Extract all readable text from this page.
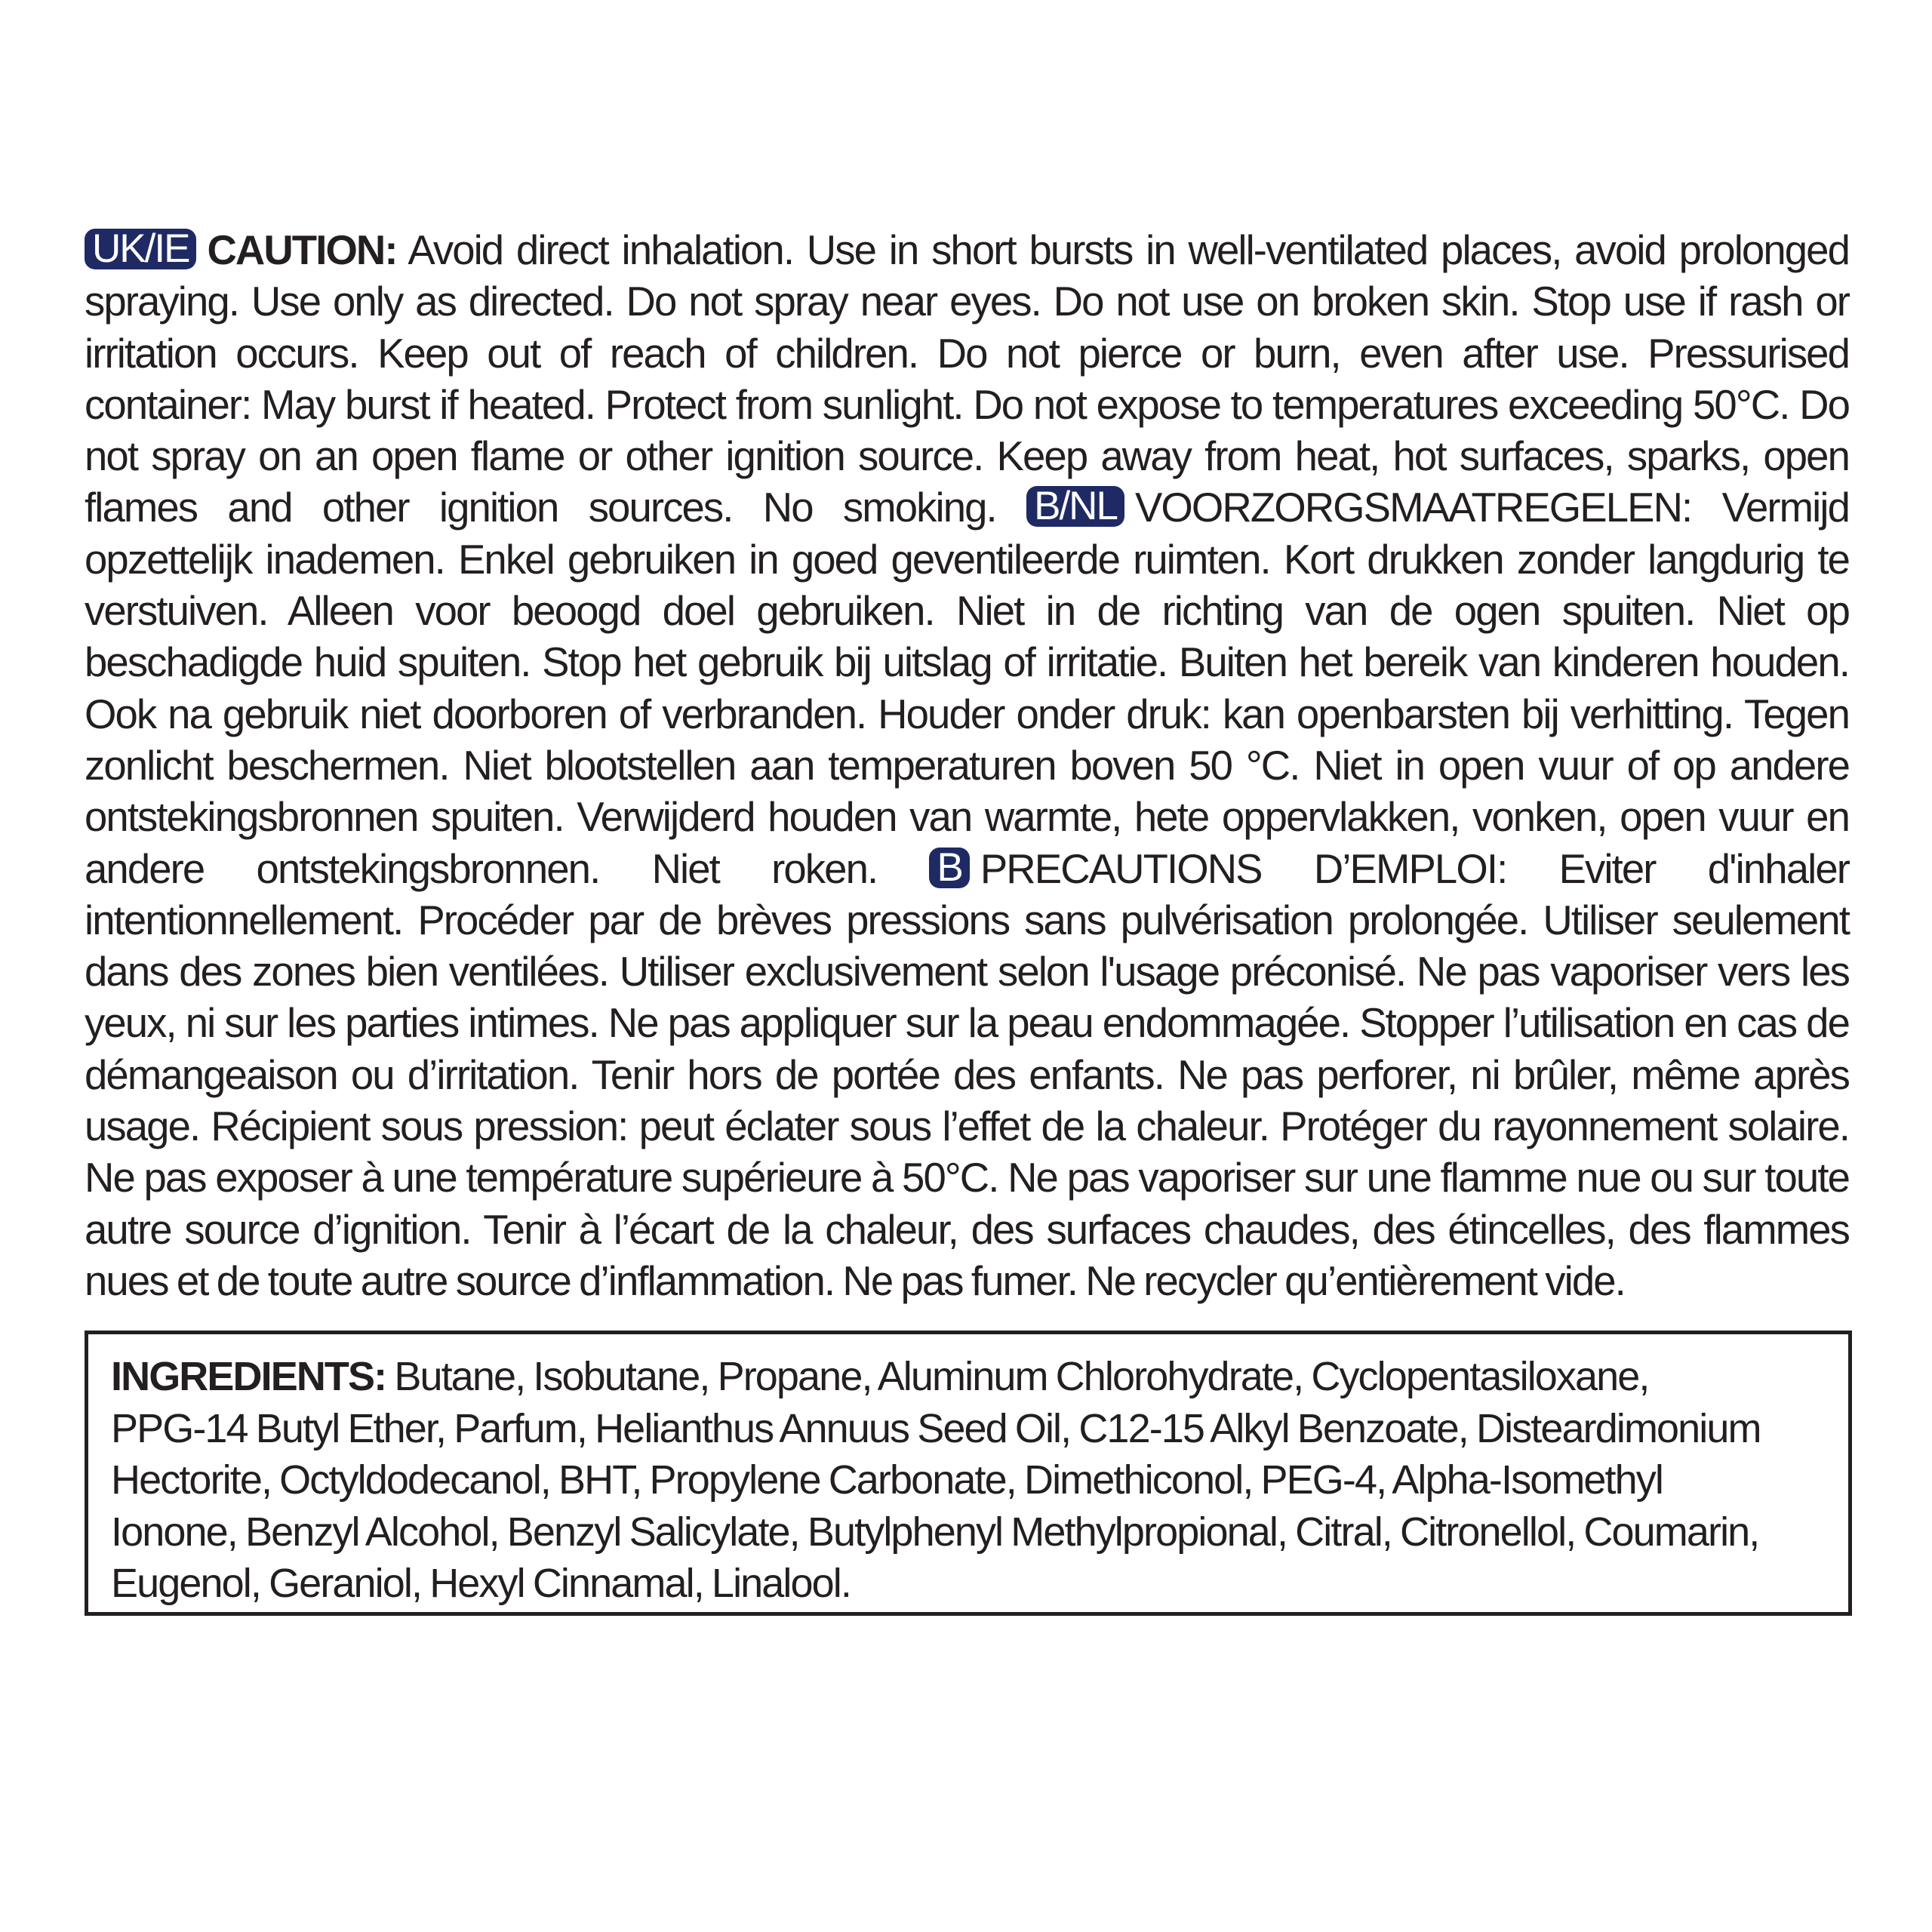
UK/IE CAUTION: Avoid direct inhalation. Use in short bursts in well-ventilated places, avoid prolonged spraying. Use only as directed. Do not spray near eyes. Do not use on broken skin. Stop use if rash or irritation occurs. Keep out of reach of children. Do not pierce or burn, even after use. Pressurised container: May burst if heated. Protect from sunlight. Do not expose to temperatures exceeding 50°C. Do not spray on an open flame or other ignition source. Keep away from heat, hot surfaces, sparks, open flames and other ignition sources. No smoking. B/NL VOORZORGSMAATREGELEN: Vermijd opzettelijk inademen. Enkel gebruiken in goed geventileerde ruimten. Kort drukken zonder langdurig te verstuiven. Alleen voor beoogd doel gebruiken. Niet in de richting van de ogen spuiten. Niet op beschadigde huid spuiten. Stop het gebruik bij uitslag of irritatie. Buiten het bereik van kinderen houden. Ook na gebruik niet doorboren of verbranden. Houder onder druk: kan openbarsten bij verhitting. Tegen zonlicht beschermen. Niet blootstellen aan temperaturen boven 50 °C. Niet in open vuur of op andere ontstekingsbronnen spuiten. Verwijderd houden van warmte, hete oppervlakken, vonken, open vuur en andere ontstekingsbronnen. Niet roken. B PRECAUTIONS D’EMPLOI: Eviter d'inhaler intentionnellement. Procéder par de brèves pressions sans pulvérisation prolongée. Utiliser seulement dans des zones bien ventilées. Utiliser exclusivement selon l'usage préconisé. Ne pas vaporiser vers les yeux, ni sur les parties intimes. Ne pas appliquer sur la peau endommagée. Stopper l’utilisation en cas de démangeaison ou d’irritation. Tenir hors de portée des enfants. Ne pas perforer, ni brûler, même après usage. Récipient sous pression: peut éclater sous l’effet de la chaleur. Protéger du rayonnement solaire. Ne pas exposer à une température supérieure à 50°C. Ne pas vaporiser sur une flamme nue ou sur toute autre source d’ignition. Tenir à l’écart de la chaleur, des surfaces chaudes, des étincelles, des flammes nues et de toute autre source d’inflammation. Ne pas fumer. Ne recycler qu’entièrement vide.
INGREDIENTS: Butane, Isobutane, Propane, Aluminum Chlorohydrate, Cyclopentasiloxane,
PPG-14 Butyl Ether, Parfum, Helianthus Annuus Seed Oil, C12-15 Alkyl Benzoate, Disteardimonium
Hectorite, Octyldodecanol, BHT, Propylene Carbonate, Dimethiconol, PEG-4, Alpha-Isomethyl
Ionone, Benzyl Alcohol, Benzyl Salicylate, Butylphenyl Methylpropional, Citral, Citronellol, Coumarin,
Eugenol, Geraniol, Hexyl Cinnamal, Linalool.
